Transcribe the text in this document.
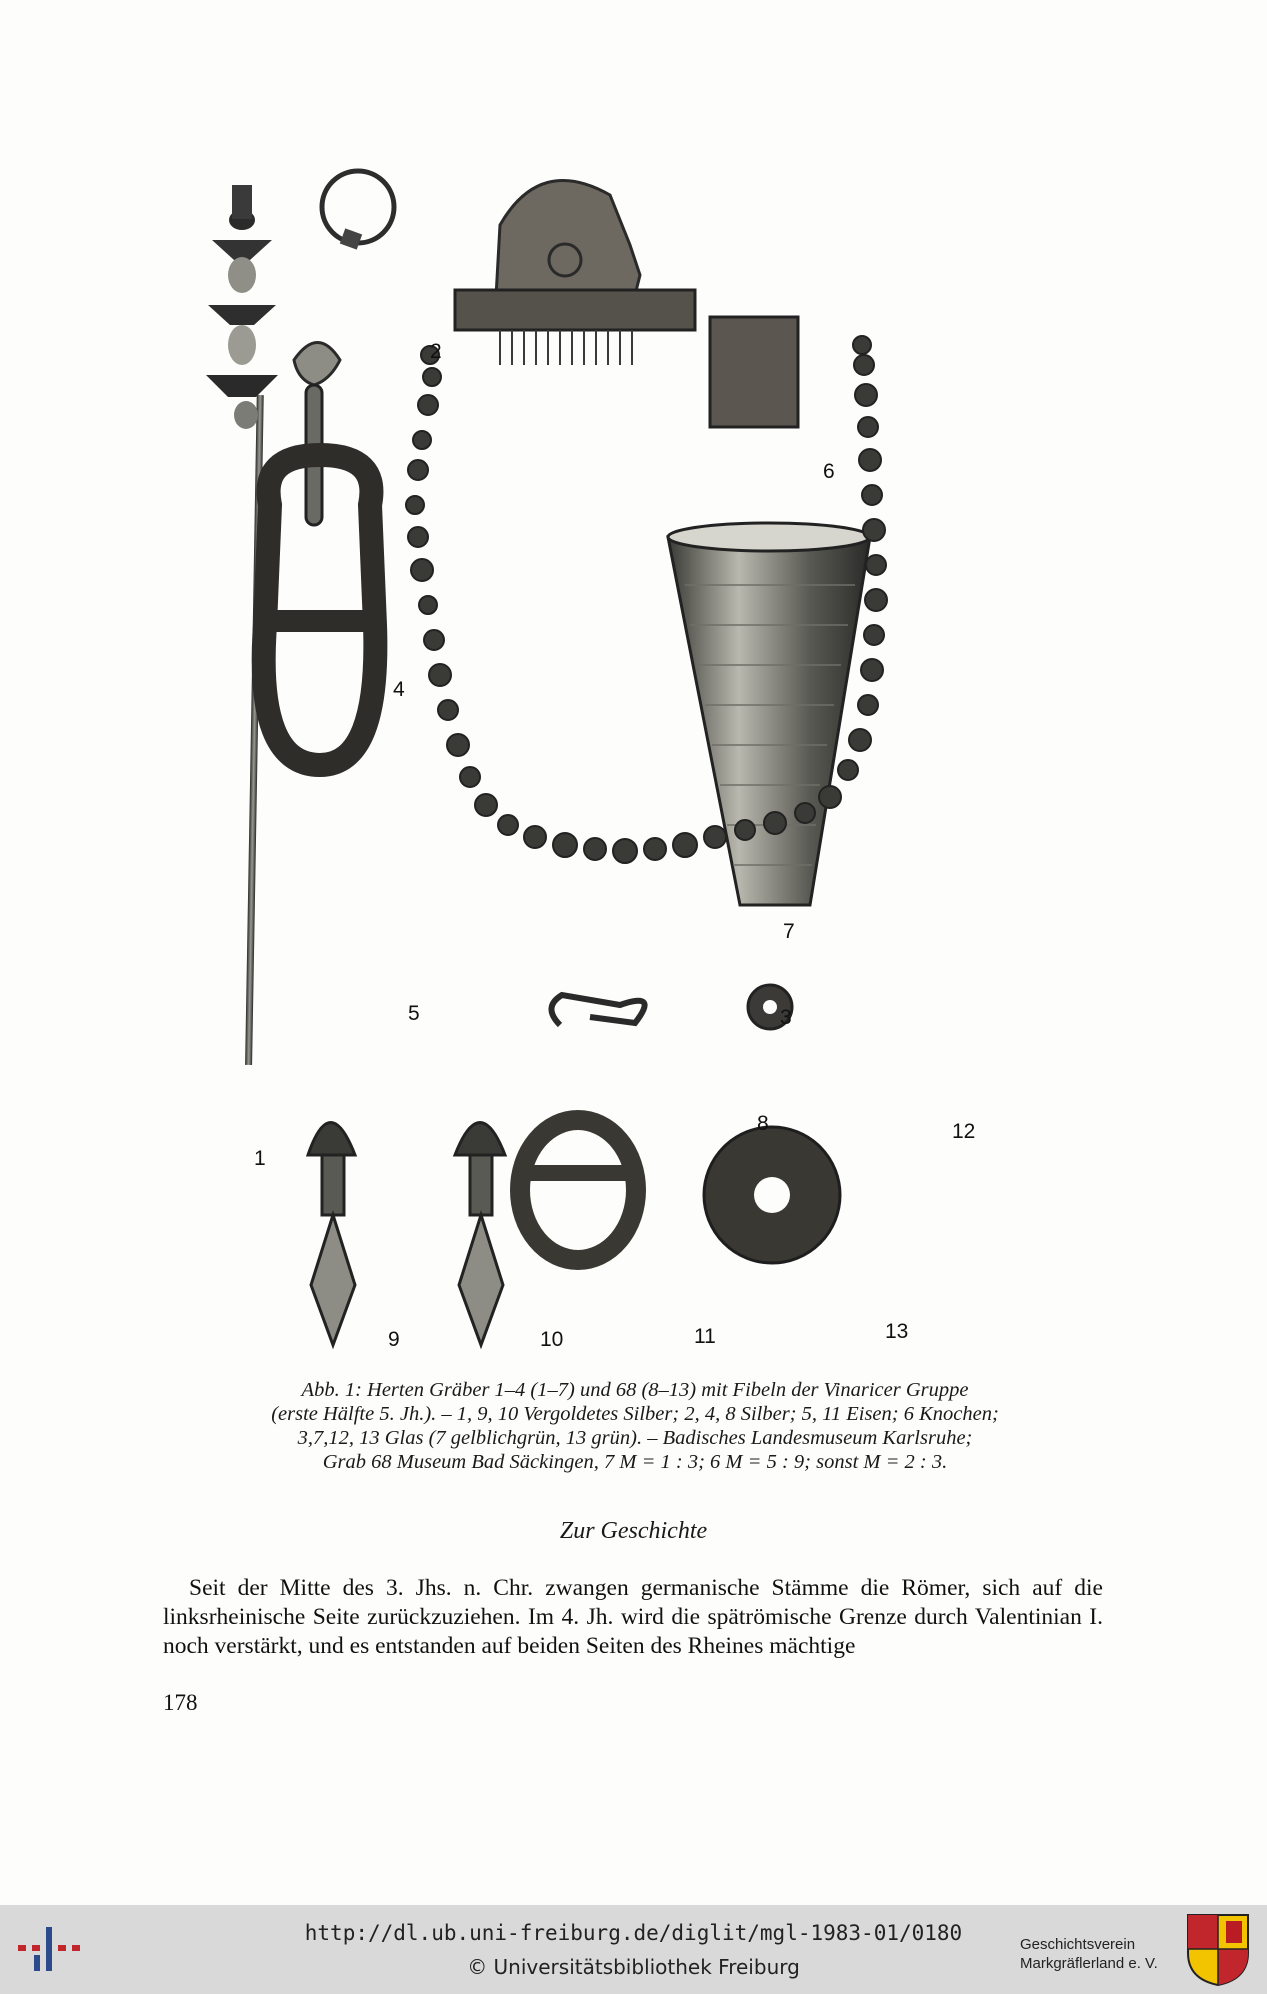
1
2
3
4
5
6
7
8
9	10	11
12
13
Abb. 1: Herten Gräber 1–4 (1–7) und 68 (8–13) mit Fibeln der Vinaricer Gruppe
(erste Hälfte 5. Jh.). – 1, 9, 10 Vergoldetes Silber; 2, 4, 8 Silber; 5, 11 Eisen; 6 Knochen;
3,7,12, 13 Glas (7 gelblichgrün, 13 grün). – Badisches Landesmuseum Karlsruhe;
Grab 68 Museum Bad Säckingen, 7 M = 1 : 3; 6 M = 5 : 9; sonst M = 2 : 3.
Zur Geschichte

Seit der Mitte des 3. Jhs. n. Chr. zwangen germanische Stämme die Römer, sich auf die linksrheinische Seite zurückzuziehen. Im 4. Jh. wird die spätrömische Grenze durch Valentinian I. noch verstärkt, und es entstanden auf beiden Seiten des Rheines mächtige

178
http://dl.ub.uni-freiburg.de/diglit/mgl-1983-01/0180
© Universitätsbibliothek Freiburg
Geschichtsverein
Markgräflerland e. V.
